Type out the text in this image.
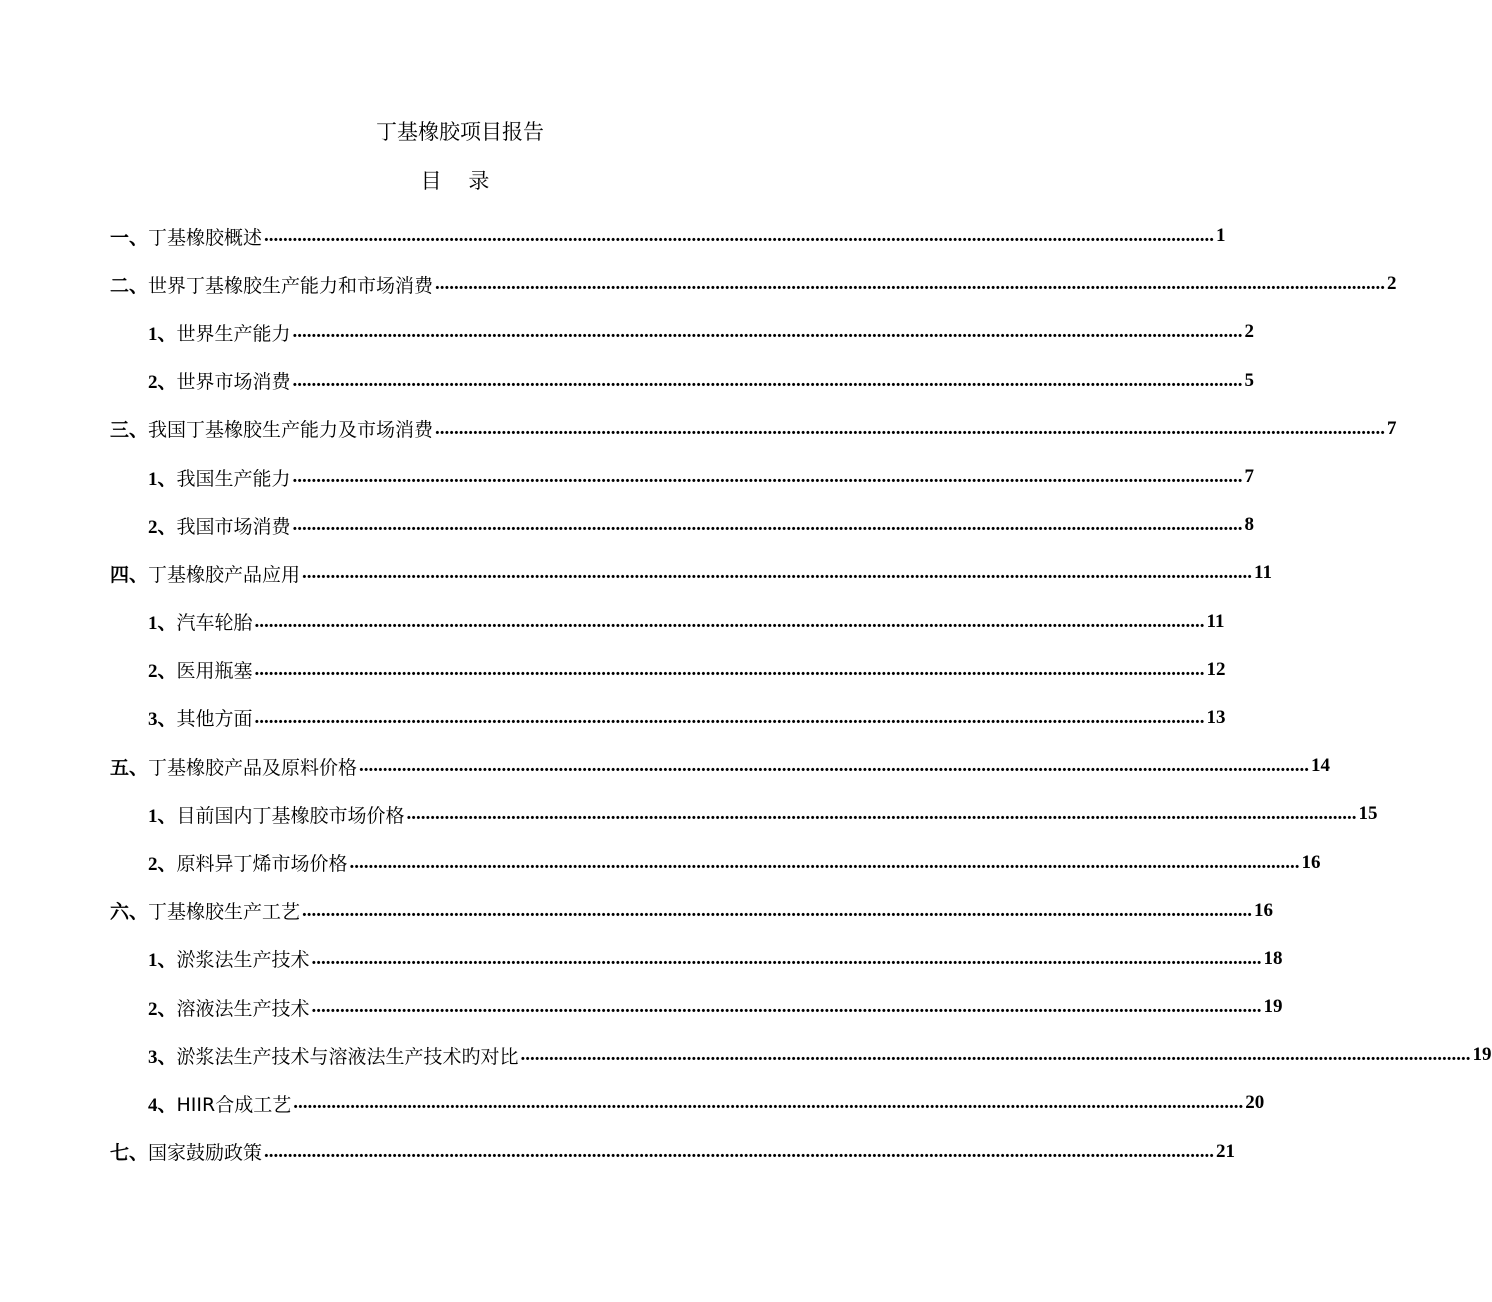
丁基橡胶项目报告
目 录
一、丁基橡胶概述 ........................................................................................................................................................................................................ 1
二、世界丁基橡胶生产能力和市场消费 ........................................................................................................................................................................................................ 2
1、世界生产能力 ........................................................................................................................................................................................................ 2
2、世界市场消费 ........................................................................................................................................................................................................ 5
三、我国丁基橡胶生产能力及市场消费 ........................................................................................................................................................................................................ 7
1、我国生产能力 ........................................................................................................................................................................................................ 7
2、我国市场消费 ........................................................................................................................................................................................................ 8
四、丁基橡胶产品应用 ........................................................................................................................................................................................................ 11
1、汽车轮胎 ........................................................................................................................................................................................................ 11
2、医用瓶塞 ........................................................................................................................................................................................................ 12
3、其他方面 ........................................................................................................................................................................................................ 13
五、丁基橡胶产品及原料价格 ........................................................................................................................................................................................................ 14
1、目前国内丁基橡胶市场价格 ........................................................................................................................................................................................................ 15
2、原料异丁烯市场价格 ........................................................................................................................................................................................................ 16
六、丁基橡胶生产工艺 ........................................................................................................................................................................................................ 16
1、淤浆法生产技术 ........................................................................................................................................................................................................ 18
2、溶液法生产技术 ........................................................................................................................................................................................................ 19
3、淤浆法生产技术与溶液法生产技术旳对比 ........................................................................................................................................................................................................ 19
4、HIIR合成工艺 ........................................................................................................................................................................................................ 20
七、国家鼓励政策 ........................................................................................................................................................................................................ 21
